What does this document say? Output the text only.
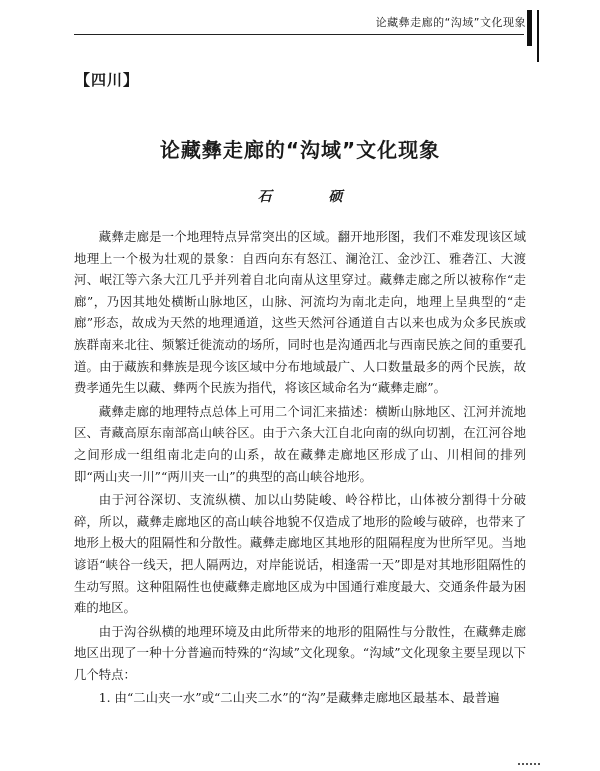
论藏彝走廊的“沟域”文化现象
【四川】
论藏彝走廊的“沟域”文化现象
石 硕

藏彝走廊是一个地理特点异常突出的区域。翻开地形图，我们不难发现该区域地理上一个极为壮观的景象：自西向东有怒江、澜沧江、金沙江、雅砻江、大渡河、岷江等六条大江几乎并列着自北向南从这里穿过。藏彝走廊之所以被称作“走廊”，乃因其地处横断山脉地区，山脉、河流均为南北走向，地理上呈典型的“走廊”形态，故成为天然的地理通道，这些天然河谷通道自古以来也成为众多民族或族群南来北往、频繁迁徙流动的场所，同时也是沟通西北与西南民族之间的重要孔道。由于藏族和彝族是现今该区域中分布地域最广、人口数量最多的两个民族，故费孝通先生以藏、彝两个民族为指代，将该区域命名为“藏彝走廊”。

藏彝走廊的地理特点总体上可用二个词汇来描述：横断山脉地区、江河并流地区、青藏高原东南部高山峡谷区。由于六条大江自北向南的纵向切割，在江河谷地之间形成一组组南北走向的山系，故在藏彝走廊地区形成了山、川相间的排列即“两山夹一川”“两川夹一山”的典型的高山峡谷地形。

由于河谷深切、支流纵横、加以山势陡峻、岭谷栉比，山体被分割得十分破碎，所以，藏彝走廊地区的高山峡谷地貌不仅造成了地形的险峻与破碎，也带来了地形上极大的阻隔性和分散性。藏彝走廊地区其地形的阻隔程度为世所罕见。当地谚语“峡谷一线天，把人隔两边，对岸能说话，相逢需一天”即是对其地形阻隔性的生动写照。这种阻隔性也使藏彝走廊地区成为中国通行难度最大、交通条件最为困难的地区。

由于沟谷纵横的地理环境及由此所带来的地形的阻隔性与分散性，在藏彝走廊地区出现了一种十分普遍而特殊的“沟域”文化现象。“沟域”文化现象主要呈现以下几个特点：

1. 由“二山夹一水”或“二山夹二水”的“沟”是藏彝走廊地区最基本、最普遍
